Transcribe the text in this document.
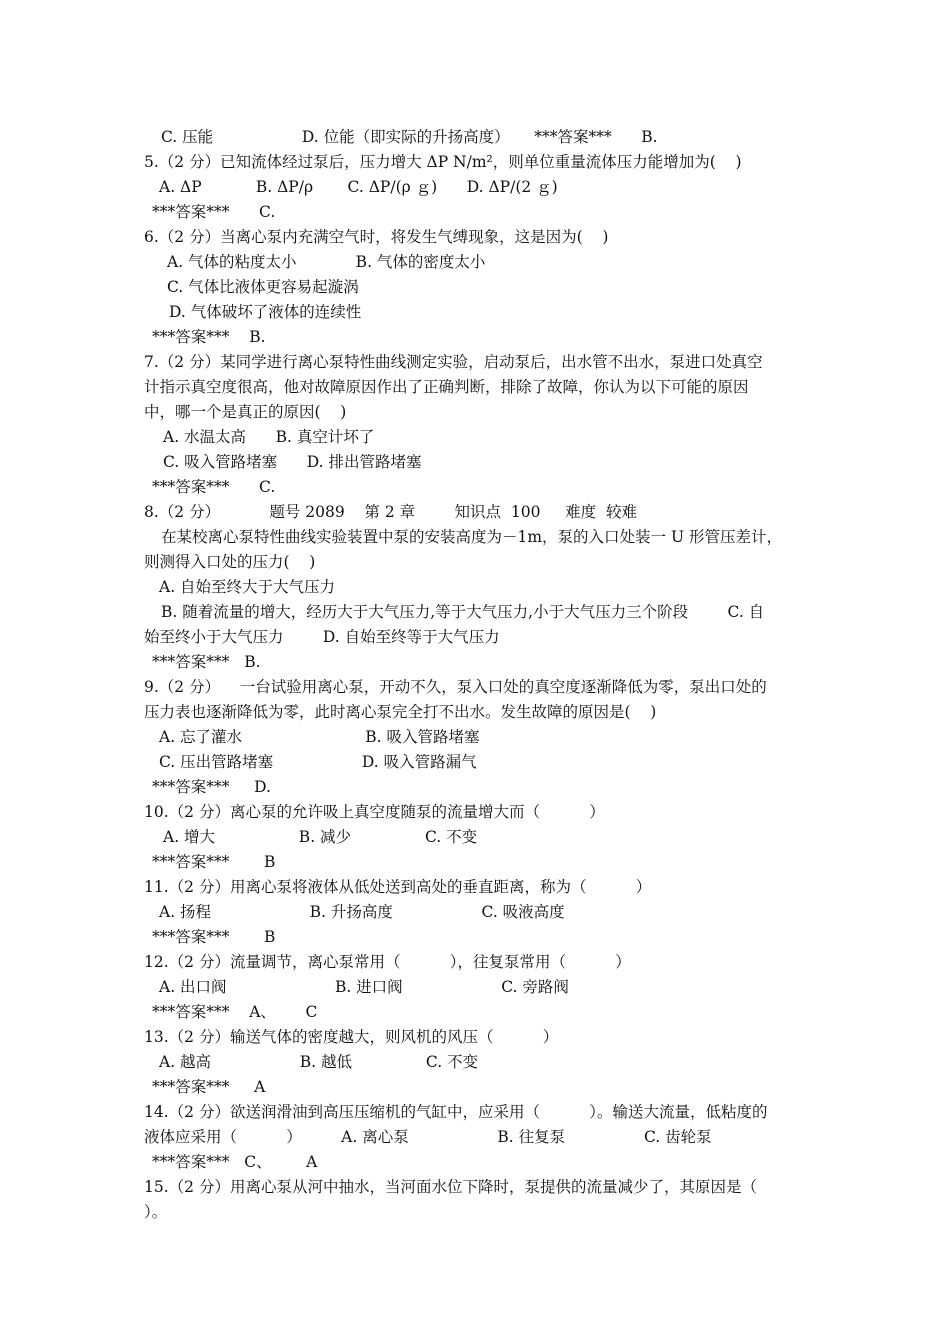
C. 压能                  D. 位能（即实际的升扬高度）     ***答案***      B.
5.（2 分）已知流体经过泵后，压力增大 ΔP N/m²，则单位重量流体压力能增加为(    )
A. ΔP           B. ΔP/ρ       C. ΔP/(ρ ｇ)      D. ΔP/(2 ｇ)
***答案***      C.
6.（2 分）当离心泵内充满空气时，将发生气缚现象，这是因为(    )
A. 气体的粘度太小            B. 气体的密度太小
C. 气体比液体更容易起漩涡
D. 气体破坏了液体的连续性
***答案***    B.
7.（2 分）某同学进行离心泵特性曲线测定实验，启动泵后，出水管不出水，泵进口处真空
计指示真空度很高，他对故障原因作出了正确判断，排除了故障，你认为以下可能的原因
中，哪一个是真正的原因(    )
A. 水温太高      B. 真空计坏了
C. 吸入管路堵塞      D. 排出管路堵塞
***答案***      C.
8.（2 分）          题号 2089    第 2 章        知识点  100     难度  较难
在某校离心泵特性曲线实验装置中泵的安装高度为－1m，泵的入口处装一 U 形管压差计，
则测得入口处的压力(    )
A. 自始至终大于大气压力
B. 随着流量的增大，经历大于大气压力,等于大气压力,小于大气压力三个阶段        C. 自
始至终小于大气压力        D. 自始至终等于大气压力
***答案***   B.
9.（2 分）    一台试验用离心泵，开动不久，泵入口处的真空度逐渐降低为零，泵出口处的
压力表也逐渐降低为零，此时离心泵完全打不出水。发生故障的原因是(    )
A. 忘了灌水                         B. 吸入管路堵塞
C. 压出管路堵塞                  D. 吸入管路漏气
***答案***     D.
10.（2 分）离心泵的允许吸上真空度随泵的流量增大而（          ）
A. 增大                 B. 减少               C. 不变
***答案***       B
11.（2 分）用离心泵将液体从低处送到高处的垂直距离，称为（          ）
A. 扬程                    B. 升扬高度                  C. 吸液高度
***答案***       B
12.（2 分）流量调节，离心泵常用（          ），往复泵常用（          ）
A. 出口阀                      B. 进口阀                    C. 旁路阀
***答案***    A、      C
13.（2 分）输送气体的密度越大，则风机的风压（          ）
A. 越高                  B. 越低               C. 不变
***答案***     A
14.（2 分）欲送润滑油到高压压缩机的气缸中，应采用（          ）。输送大流量，低粘度的
液体应采用（          ）        A. 离心泵                  B. 往复泵                C. 齿轮泵
***答案***   C、       A
15.（2 分）用离心泵从河中抽水，当河面水位下降时，泵提供的流量减少了，其原因是（
）。
